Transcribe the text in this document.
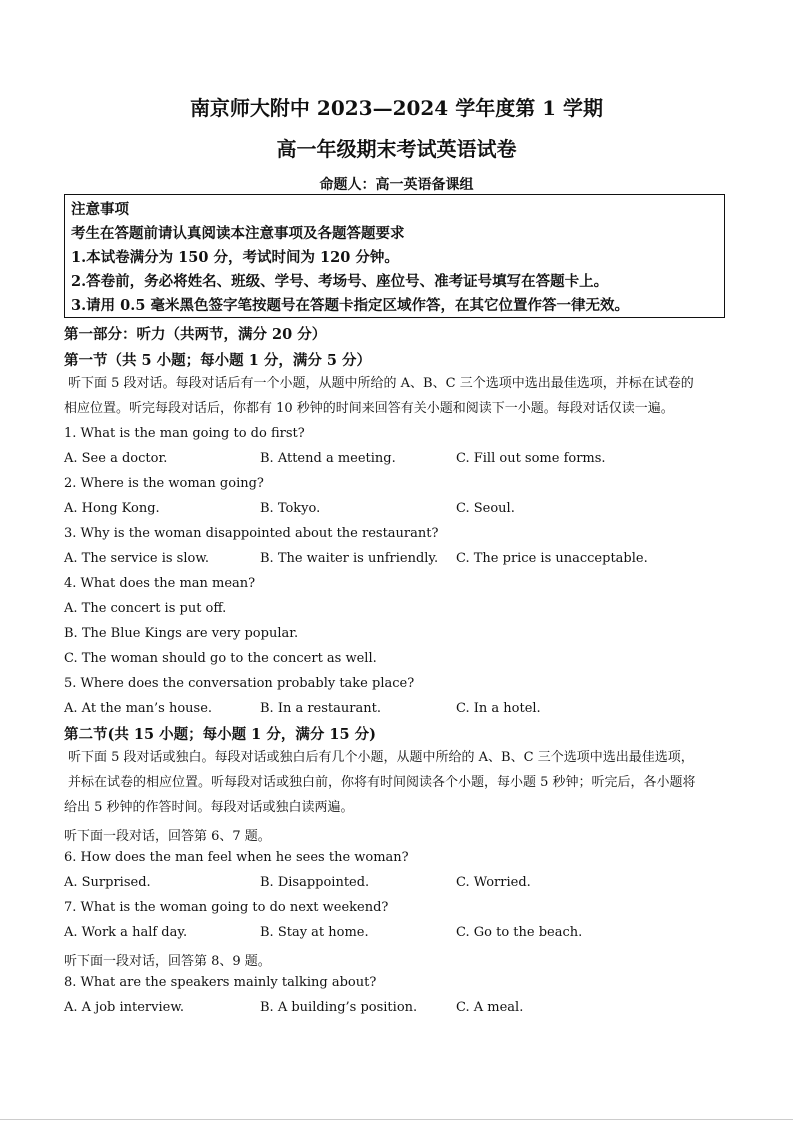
南京师大附中 2023—2024 学年度第 1 学期
高一年级期末考试英语试卷
命题人：高一英语备课组
注意事项
考生在答题前请认真阅读本注意事项及各题答题要求
1.本试卷满分为 150 分，考试时间为 120 分钟。
2.答卷前，务必将姓名、班级、学号、考场号、座位号、准考证号填写在答题卡上。
3.请用 0.5 毫米黑色签字笔按题号在答题卡指定区域作答，在其它位置作答一律无效。
第一部分：听力（共两节，满分 20 分）
第一节（共 5 小题；每小题 1 分，满分 5 分）
听下面 5 段对话。每段对话后有一个小题，从题中所给的 A、B、C 三个选项中选出最佳选项，并标在试卷的
相应位置。听完每段对话后，你都有 10 秒钟的时间来回答有关小题和阅读下一小题。每段对话仅读一遍。
1. What is the man going to do first?
A. See a doctor.	B. Attend a meeting.	C. Fill out some forms.
2. Where is the woman going?
A. Hong Kong.	B. Tokyo.	C. Seoul.
3. Why is the woman disappointed about the restaurant?
A. The service is slow.	B. The waiter is unfriendly. C. The price is unacceptable.
4. What does the man mean?
A. The concert is put off.
B. The Blue Kings are very popular.
C. The woman should go to the concert as well.
5. Where does the conversation probably take place?
A. At the man’s house.	B. In a restaurant.	C. In a hotel.
第二节(共 15 小题；每小题 1 分，满分 15 分)
听下面 5 段对话或独白。每段对话或独白后有几个小题，从题中所给的 A、B、C 三个选项中选出最佳选项，
并标在试卷的相应位置。听每段对话或独白前，你将有时间阅读各个小题，每小题 5 秒钟；听完后，各小题将
给出 5 秒钟的作答时间。每段对话或独白读两遍。
听下面一段对话，回答第 6、7 题。
6. How does the man feel when he sees the woman?
A. Surprised.	B. Disappointed.	C. Worried.
7. What is the woman going to do next weekend?
A. Work a half day.	B. Stay at home.	C. Go to the beach.
听下面一段对话，回答第 8、9 题。
8. What are the speakers mainly talking about?
A. A job interview.	B. A building’s position.	C. A meal.
